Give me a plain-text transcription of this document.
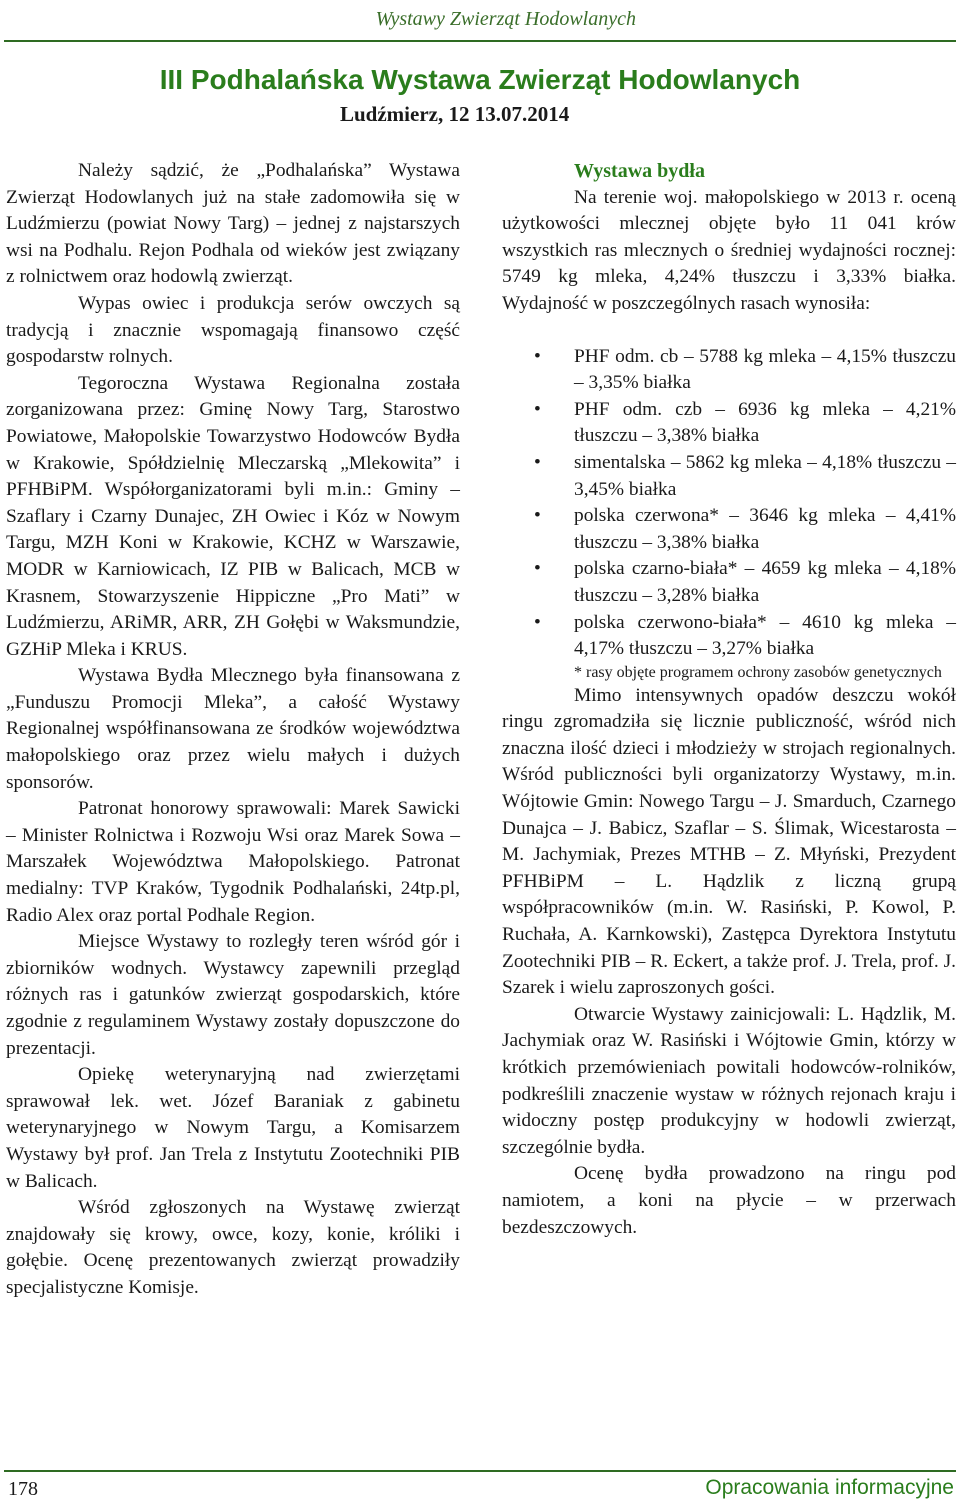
Wystawy Zwierząt Hodowlanych
III Podhalańska Wystawa Zwierząt Hodowlanych
Ludźmierz, 12 13.07.2014

Należy sądzić, że „Podhalańska” Wystawa Zwierząt Hodowlanych już na stałe zadomowiła się w Ludźmierzu (powiat Nowy Targ) – jednej z najstarszych wsi na Podhalu. Rejon Podhala od wieków jest związany z rolnictwem oraz hodowlą zwierząt.

Wypas owiec i produkcja serów owczych są tradycją i znacznie wspomagają finansowo część gospodarstw rolnych.

Tegoroczna Wystawa Regionalna została zorganizowana przez: Gminę Nowy Targ, Starostwo Powiatowe, Małopolskie Towarzystwo Hodowców Bydła w Krakowie, Spółdzielnię Mleczarską „Mlekowita” i PFHBiPM. Współorganizatorami byli m.in.: Gminy – Szaflary i Czarny Dunajec, ZH Owiec i Kóz w Nowym Targu, MZH Koni w Krakowie, KCHZ w Warszawie, MODR w Karniowicach, IZ PIB w Balicach, MCB w Krasnem, Stowarzyszenie Hippiczne „Pro Mati” w Ludźmierzu, ARiMR, ARR, ZH Gołębi w Waksmundzie, GZHiP Mleka i KRUS.

Wystawa Bydła Mlecznego była finansowana z „Funduszu Promocji Mleka”, a całość Wystawy Regionalnej współfinansowana ze środków województwa małopolskiego oraz przez wielu małych i dużych sponsorów.

Patronat honorowy sprawowali: Marek Sawicki – Minister Rolnictwa i Rozwoju Wsi oraz Marek Sowa – Marszałek Województwa Małopolskiego. Patronat medialny: TVP Kraków, Tygodnik Podhalański, 24tp.pl, Radio Alex oraz portal Podhale Region.

Miejsce Wystawy to rozległy teren wśród gór i zbiorników wodnych. Wystawcy zapewnili przegląd różnych ras i gatunków zwierząt gospodarskich, które zgodnie z regulaminem Wystawy zostały dopuszczone do prezentacji.

Opiekę weterynaryjną nad zwierzętami sprawował lek. wet. Józef Baraniak z gabinetu weterynaryjnego w Nowym Targu, a Komisarzem Wystawy był prof. Jan Trela z Instytutu Zootechniki PIB w Balicach.

Wśród zgłoszonych na Wystawę zwierząt znajdowały się krowy, owce, kozy, konie, króliki i gołębie. Ocenę prezentowanych zwierząt prowadziły specjalistyczne Komisje.

Wystawa bydła

Na terenie woj. małopolskiego w 2013 r. oceną użytkowości mlecznej objęte było 11 041 krów wszystkich ras mlecznych o średniej wydajności rocznej: 5749 kg mleka, 4,24% tłuszczu i 3,33% białka. Wydajność w poszczególnych rasach wynosiła:

• PHF odm. cb – 5788 kg mleka – 4,15% tłuszczu – 3,35% białka
• PHF odm. czb – 6936 kg mleka – 4,21% tłuszczu – 3,38% białka
• simentalska – 5862 kg mleka – 4,18% tłuszczu – 3,45% białka
• polska czerwona* – 3646 kg mleka – 4,41% tłuszczu – 3,38% białka
• polska czarno-biała* – 4659 kg mleka – 4,18% tłuszczu – 3,28% białka
• polska czerwono-biała* – 4610 kg mleka – 4,17% tłuszczu – 3,27% białka

* rasy objęte programem ochrony zasobów genetycznych

Mimo intensywnych opadów deszczu wokół ringu zgromadziła się licznie publiczność, wśród nich znaczna ilość dzieci i młodzieży w strojach regionalnych. Wśród publiczności byli organizatorzy Wystawy, m.in. Wójtowie Gmin: Nowego Targu – J. Smarduch, Czarnego Dunajca – J. Babicz, Szaflar – S. Ślimak, Wicestarosta – M. Jachymiak, Prezes MTHB – Z. Młyński, Prezydent PFHBiPM – L. Hądzlik z liczną grupą współpracowników (m.in. W. Rasiński, P. Kowol, P. Ruchała, A. Karnkowski), Zastępca Dyrektora Instytutu Zootechniki PIB – R. Eckert, a także prof. J. Trela, prof. J. Szarek i wielu zaproszonych gości.

Otwarcie Wystawy zainicjowali: L. Hądzlik, M. Jachymiak oraz W. Rasiński i Wójtowie Gmin, którzy w krótkich przemówieniach powitali hodowców-rolników, podkreślili znaczenie wystaw w różnych rejonach kraju i widoczny postęp produkcyjny w hodowli zwierząt, szczególnie bydła.

Ocenę bydła prowadzono na ringu pod namiotem, a koni na płycie – w przerwach bezdeszczowych.

178	Opracowania informacyjne
